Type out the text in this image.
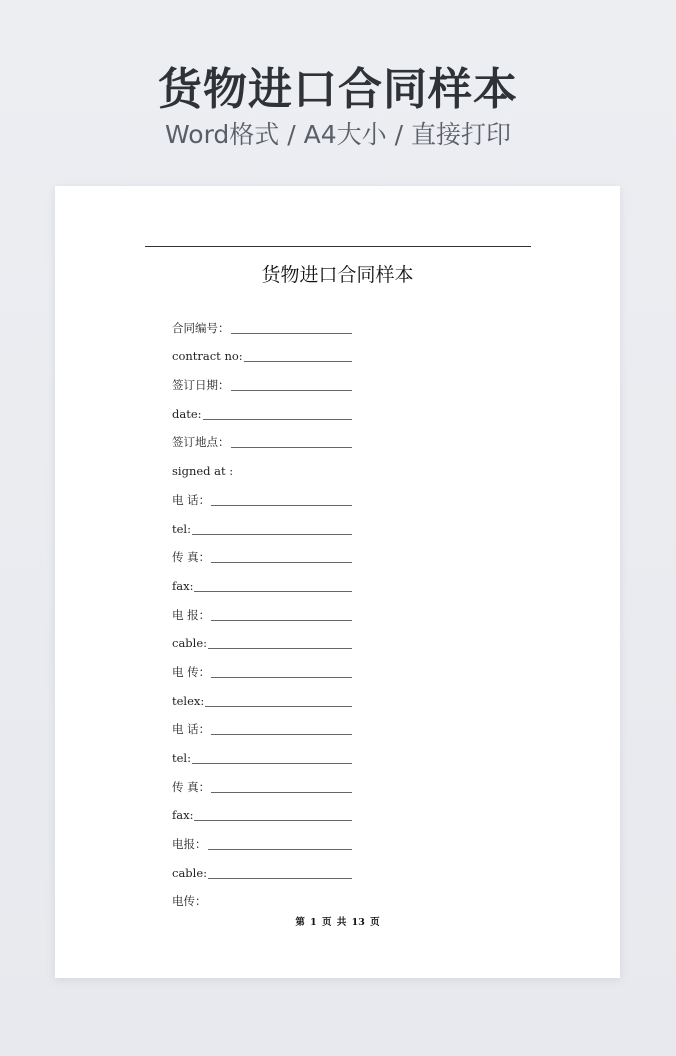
货物进口合同样本
Word格式 / A4大小 / 直接打印
货物进口合同样本
合同编号：
contract no:
签订日期：
date:
签订地点：
signed at :
电 话：
tel:
传 真：
fax:
电 报：
cable:
电 传：
telex:
电 话：
tel:
传 真：
fax:
电报：
cable:
电传：
第 1 页 共 13 页
